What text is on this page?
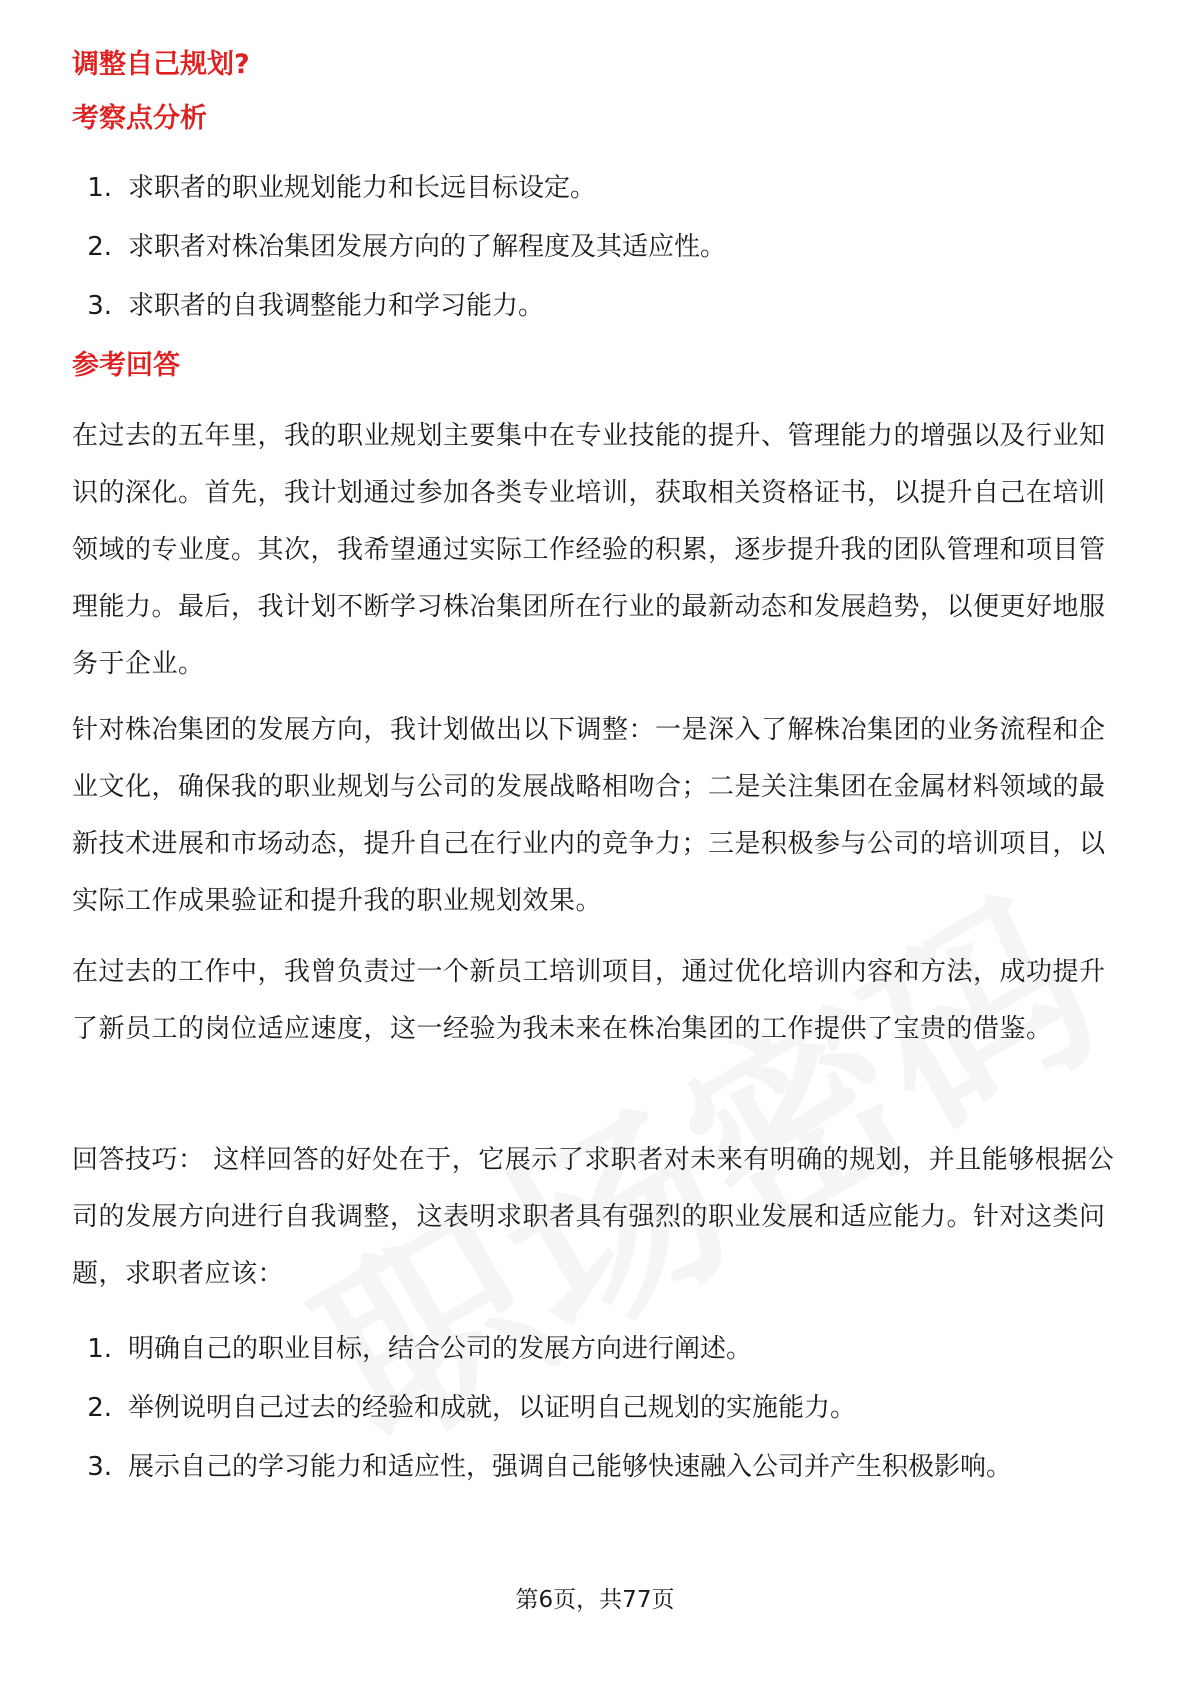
调整自己规划?
考察点分析
1. 求职者的职业规划能力和长远目标设定。
2. 求职者对株冶集团发展方向的了解程度及其适应性。
3. 求职者的自我调整能力和学习能力。
参考回答

在过去的五年里，我的职业规划主要集中在专业技能的提升、管理能力的增强以及行业知识的深化。首先，我计划通过参加各类专业培训，获取相关资格证书，以提升自己在培训领域的专业度。其次，我希望通过实际工作经验的积累，逐步提升我的团队管理和项目管理能力。最后，我计划不断学习株冶集团所在行业的最新动态和发展趋势，以便更好地服务于企业。

针对株冶集团的发展方向，我计划做出以下调整：一是深入了解株冶集团的业务流程和企业文化，确保我的职业规划与公司的发展战略相吻合；二是关注集团在金属材料领域的最新技术进展和市场动态，提升自己在行业内的竞争力；三是积极参与公司的培训项目，以实际工作成果验证和提升我的职业规划效果。

在过去的工作中，我曾负责过一个新员工培训项目，通过优化培训内容和方法，成功提升了新员工的岗位适应速度，这一经验为我未来在株冶集团的工作提供了宝贵的借鉴。

回答技巧： 这样回答的好处在于，它展示了求职者对未来有明确的规划，并且能够根据公司的发展方向进行自我调整，这表明求职者具有强烈的职业发展和适应能力。针对这类问题，求职者应该：

1. 明确自己的职业目标，结合公司的发展方向进行阐述。
2. 举例说明自己过去的经验和成就，以证明自己规划的实施能力。
3. 展示自己的学习能力和适应性，强调自己能够快速融入公司并产生积极影响。
第6页，共77页
